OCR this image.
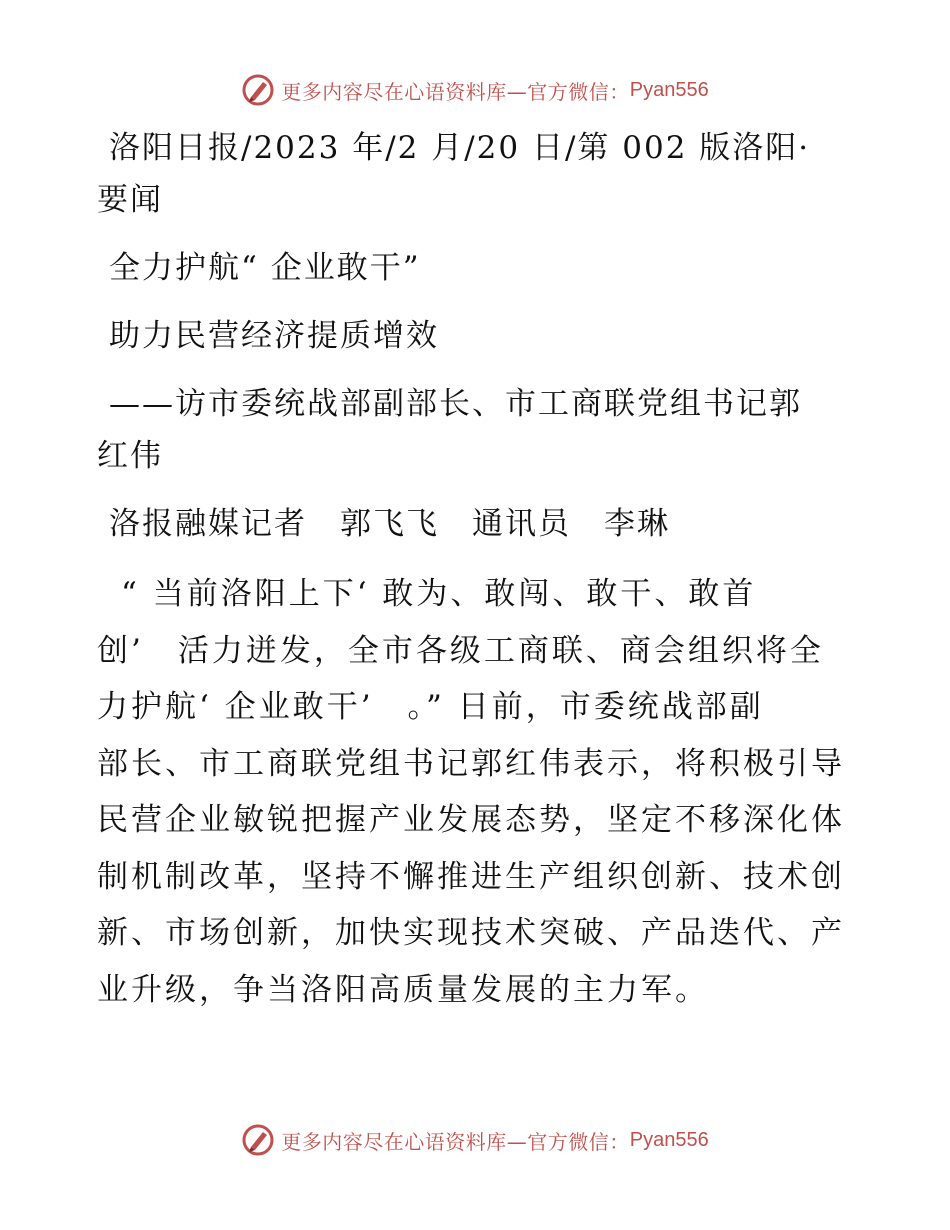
更多内容尽在心语资料库—官方微信： Pyan556
洛阳日报/2023 年/2 月/20 日/第 002 版洛阳·
要闻
全力护航“ 企业敢干”
助力民营经济提质增效
——访市委统战部副部长、市工商联党组书记郭
红伟
洛报融媒记者　郭飞飞　通讯员　李琳
“ 当前洛阳上下‘ 敢为、敢闯、敢干、敢首
创’　活力迸发，全市各级工商联、商会组织将全
力护航‘ 企业敢干’　。” 日前，市委统战部副
部长、市工商联党组书记郭红伟表示，将积极引导
民营企业敏锐把握产业发展态势，坚定不移深化体
制机制改革，坚持不懈推进生产组织创新、技术创
新、市场创新，加快实现技术突破、产品迭代、产
业升级，争当洛阳高质量发展的主力军。
更多内容尽在心语资料库—官方微信： Pyan556
